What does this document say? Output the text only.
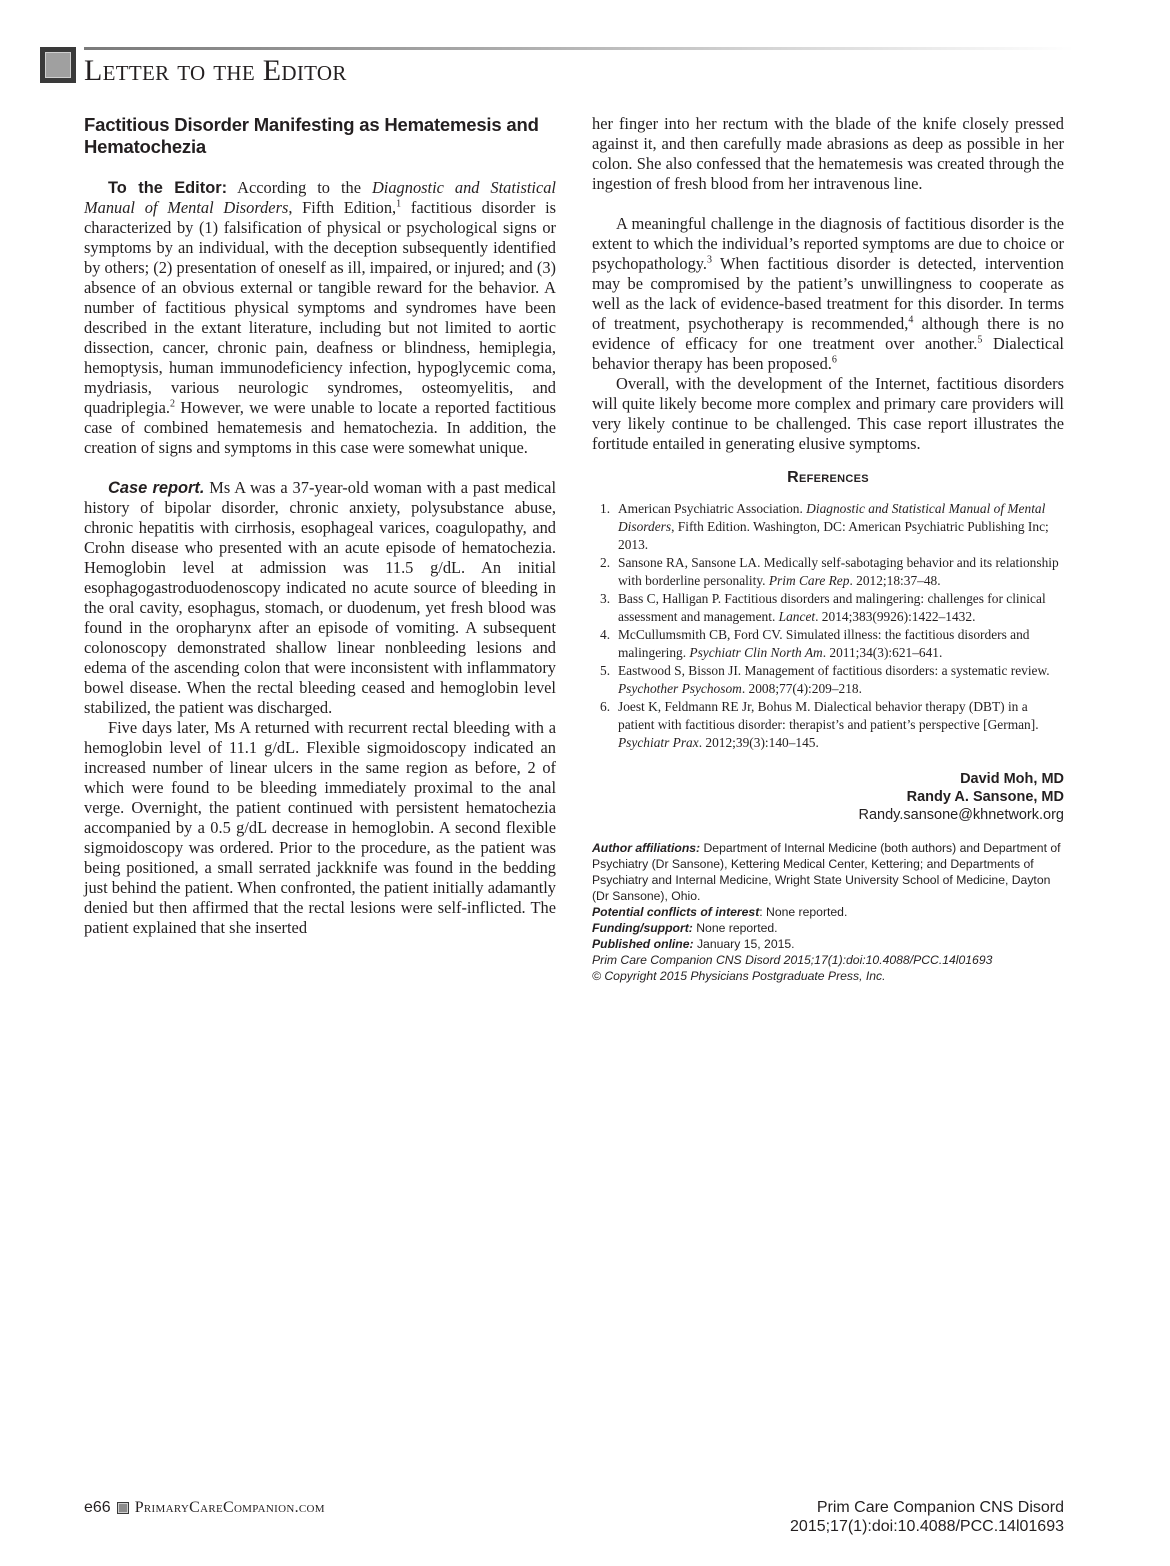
Letter to the Editor
Factitious Disorder Manifesting as Hematemesis and Hematochezia

To the Editor: According to the Diagnostic and Statistical Manual of Mental Disorders, Fifth Edition,$^1$ factitious disorder is characterized by (1) falsification of physical or psychological signs or symptoms by an individual, with the deception subsequently identified by others; (2) presentation of oneself as ill, impaired, or injured; and (3) absence of an obvious external or tangible reward for the behavior. A number of factitious physical symptoms and syndromes have been described in the extant literature, including but not limited to aortic dissection, cancer, chronic pain, deafness or blindness, hemiplegia, hemoptysis, human immunodeficiency infection, hypoglycemic coma, mydriasis, various neurologic syndromes, osteomyelitis, and quadriplegia.$^2$ However, we were unable to locate a reported factitious case of combined hematemesis and hematochezia. In addition, the creation of signs and symptoms in this case were somewhat unique.

Case report. Ms A was a 37-year-old woman with a past medical history of bipolar disorder, chronic anxiety, polysubstance abuse, chronic hepatitis with cirrhosis, esophageal varices, coagulopathy, and Crohn disease who presented with an acute episode of hematochezia. Hemoglobin level at admission was 11.5 g/dL. An initial esophagogastroduodenoscopy indicated no acute source of bleeding in the oral cavity, esophagus, stomach, or duodenum, yet fresh blood was found in the oropharynx after an episode of vomiting. A subsequent colonoscopy demonstrated shallow linear nonbleeding lesions and edema of the ascending colon that were inconsistent with inflammatory bowel disease. When the rectal bleeding ceased and hemoglobin level stabilized, the patient was discharged.

Five days later, Ms A returned with recurrent rectal bleeding with a hemoglobin level of 11.1 g/dL. Flexible sigmoidoscopy indicated an increased number of linear ulcers in the same region as before, 2 of which were found to be bleeding immediately proximal to the anal verge. Overnight, the patient continued with persistent hematochezia accompanied by a 0.5 g/dL decrease in hemoglobin. A second flexible sigmoidoscopy was ordered. Prior to the procedure, as the patient was being positioned, a small serrated jackknife was found in the bedding just behind the patient. When confronted, the patient initially adamantly denied but then affirmed that the rectal lesions were self-inflicted. The patient explained that she inserted

her finger into her rectum with the blade of the knife closely pressed against it, and then carefully made abrasions as deep as possible in her colon. She also confessed that the hematemesis was created through the ingestion of fresh blood from her intravenous line.

A meaningful challenge in the diagnosis of factitious disorder is the extent to which the individual’s reported symptoms are due to choice or psychopathology.$^3$ When factitious disorder is detected, intervention may be compromised by the patient’s unwillingness to cooperate as well as the lack of evidence-based treatment for this disorder. In terms of treatment, psychotherapy is recommended,$^4$ although there is no evidence of efficacy for one treatment over another.$^5$ Dialectical behavior therapy has been proposed.$^6$

Overall, with the development of the Internet, factitious disorders will quite likely become more complex and primary care providers will very likely continue to be challenged. This case report illustrates the fortitude entailed in generating elusive symptoms.

References
1. American Psychiatric Association. Diagnostic and Statistical Manual of Mental Disorders, Fifth Edition. Washington, DC: American Psychiatric Publishing Inc; 2013.
2. Sansone RA, Sansone LA. Medically self-sabotaging behavior and its relationship with borderline personality. Prim Care Rep. 2012;18:37–48.
3. Bass C, Halligan P. Factitious disorders and malingering: challenges for clinical assessment and management. Lancet. 2014;383(9926):1422–1432.
4. McCullumsmith CB, Ford CV. Simulated illness: the factitious disorders and malingering. Psychiatr Clin North Am. 2011;34(3):621–641.
5. Eastwood S, Bisson JI. Management of factitious disorders: a systematic review. Psychother Psychosom. 2008;77(4):209–218.
6. Joest K, Feldmann RE Jr, Bohus M. Dialectical behavior therapy (DBT) in a patient with factitious disorder: therapist’s and patient’s perspective [German]. Psychiatr Prax. 2012;39(3):140–145.
David Moh, MD
Randy A. Sansone, MD
Randy.sansone@khnetwork.org
Author affiliations: Department of Internal Medicine (both authors) and Department of Psychiatry (Dr Sansone), Kettering Medical Center, Kettering; and Departments of Psychiatry and Internal Medicine, Wright State University School of Medicine, Dayton (Dr Sansone), Ohio.
Potential conflicts of interest: None reported.
Funding/support: None reported.
Published online: January 15, 2015.
Prim Care Companion CNS Disord 2015;17(1):doi:10.4088/PCC.14l01693
© Copyright 2015 Physicians Postgraduate Press, Inc.
e66 PrimaryCareCompanion.com	Prim Care Companion CNS Disord
2015;17(1):doi:10.4088/PCC.14l01693
